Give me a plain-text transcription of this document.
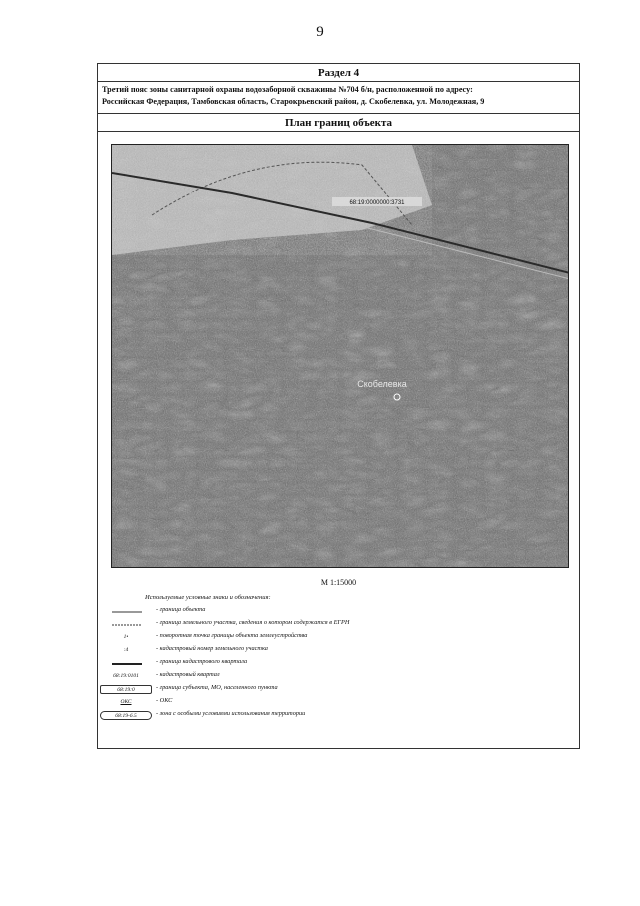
9
Раздел 4
Третий пояс зоны санитарной охраны водозаборной скважины №704 б/н, расположенной по адресу:
Российская Федерация, Тамбовская область, Старокрьевский район, д. Скобелевка, ул. Молодежная, 9
План границ объекта
68:19:0000000:3731
Скобелевка
М 1:15000
Используемые условные знаки и обозначения:
- граница объекта
- граница земельного участка, сведения о котором содержатся в ЕГРН
1•	- поворотная точка границы объекта землеустройства
:4	- кадастровый номер земельного участка
- граница кадастрового квартала
68:19:0101	- кадастровый квартал
68:19:0	- граница субъекта, МО, населенного пункта
ОКС	- ОКС
68:19-6.5	- зона с особыми условиями использования территории
